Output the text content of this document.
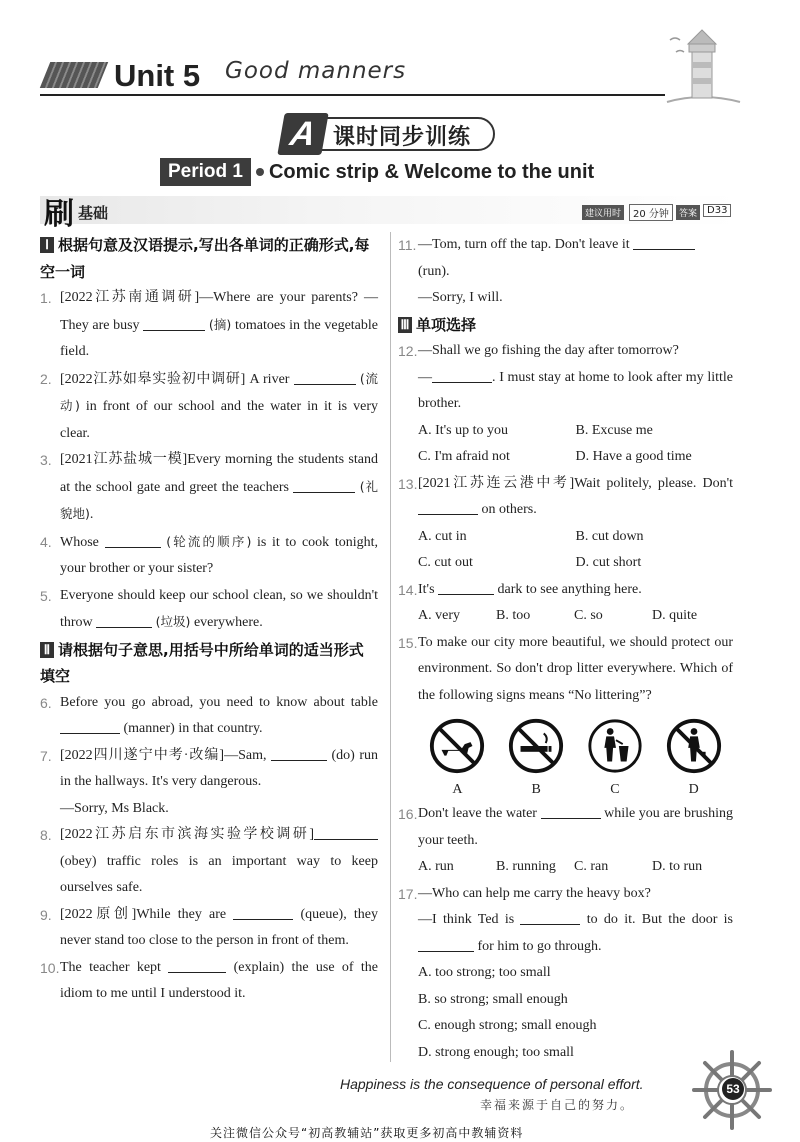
Unit 5 Good manners
A 课时同步训练
Period 1	Comic strip & Welcome to the unit
刷 基础	建议用时	20 分钟	答案 D33
Ⅰ 根据句意及汉语提示,写出各单词的正确形式,每空一词
1. [2022江苏南通调研]—Where are your parents? —They are busy	(摘) tomatoes in the vegetable field.
2. [2022江苏如皋实验初中调研] A river	(流动) in front of our school and the water in it is very clear.
3. [2021江苏盐城一模]Every morning the students stand at the school gate and greet the teachers	(礼貌地).
4. Whose	(轮流的顺序) is it to cook tonight, your brother or your sister?
5. Everyone should keep our school clean, so we shouldn't throw	(垃圾) everywhere.
Ⅱ 请根据句子意思,用括号中所给单词的适当形式填空
6. Before you go abroad, you need to know about table  (manner) in that country.
7. [2022四川遂宁中考·改编]—Sam,	(do) run in the hallways. It's very dangerous.
—Sorry, Ms Black.
8. [2022江苏启东市滨海实验学校调研] (obey) traffic roles is an important way to keep ourselves safe.
9. [2022原创]While they are	(queue), they never stand too close to the person in front of them.
10. The teacher kept	(explain) the use of the idiom to me until I understood it.
11. —Tom, turn off the tap. Don't leave it
(run).
—Sorry, I will.
Ⅲ 单项选择
12. —Shall we go fishing the day after tomorrow?
—	. I must stay at home to look after my little brother.
A. It's up to you	B. Excuse me
C. I'm afraid not	D. Have a good time
13. [2021江苏连云港中考]Wait politely, please. Don't  on others.
A. cut in	B. cut down
C. cut out	D. cut short
14. It's	dark to see anything here.
A. very	B. too	C. so	D. quite
15. To make our city more beautiful, we should protect our environment. So don't drop litter everywhere. Which of the following signs means “No littering”?
A	B	C	D
16. Don't leave the water	while you are brushing your teeth.
A. run	B. running	C. ran	D. to run
17. —Who can help me carry the heavy box?
—I think Ted is	to do it. But the door is  for him to go through.
A. too strong; too small
B. so strong; small enough
C. enough strong; small enough
D. strong enough; too small
Happiness is the consequence of personal effort.
幸福来源于自己的努力。
53
关注微信公众号“初高教辅站”获取更多初高中教辅资料
